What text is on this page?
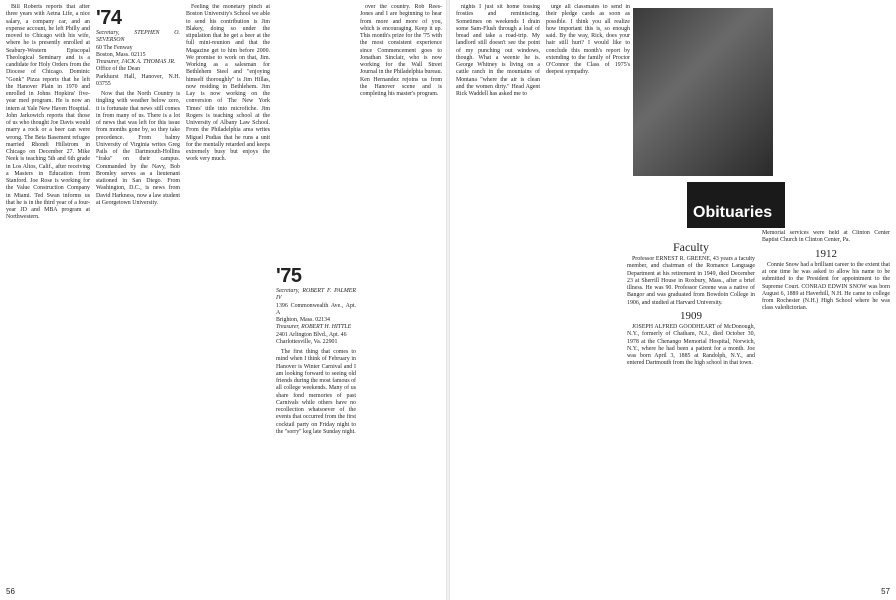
Bill Roberts reports that after three years with Aetna Life, a nice salary, a company car, and an expense account, he left Philly and moved to Chicago with his wife, where he is presently enrolled at Seabury-Western Episcopal Theological Seminary and is a candidate for Holy Orders from the Diocese of Chicago. Dominic "Gonk" Pizza reports that he left the Hanover Plain in 1970 and enrolled in Johns Hopkins' five-year med program. He is now an intern at Yale New Haven Hospital. John Jarkowich reports that those of us who thought Joe Davis would marry a rock or a beer can were wrong. The Beta Basement refugee married Rhondi Hillstrom in Chicago on December 27. Mike Neek is teaching 5th and 6th grade in Los Altos, Calif., after receiving a Masters in Education from Stanford. Joe Rose is working for the Value Construction Company in Miami. Ted Swan informs us that he is in the third year of a four-year JD and MBA program at Northwestern.

'74
Secretary, STEPHEN O. SEVERSON
60 The Fenway
Boston, Mass. 02115
Treasurer, JACK A. THOMAS JR.
Office of the Dean
Parkhurst Hall, Hanover, N.H. 03755

Now that the North Country is tingling with weather below zero, it is fortunate that news still comes in from many of us. There is a lot of news that was left for this issue from months gone by, so they take precedence. From balmy University of Virginia writes Greg Pails of the Dartmouth-Hollins "fraks" on their campus. Commanded by the Navy, Bob Bromley serves as a lieutenant stationed in San Diego. From Washington, D.C., is news from David Harkness, now a law student at Georgetown University.

Feeling the monetary pinch at Boston University's School we able to send his contribution is Jim Blakey, doing so under the stipulation that he get a beer at the full mini-reunion and that the Magazine get to him before 2000. We promise to work on that, Jim. Working as a salesman for Bethlehem Steel and "enjoying himself thoroughly" is Jim Hillas, now residing in Bethlehem. Jim Lay is now working on the conversion of The New York Times' title into microfiche. Jim Rogers is teaching school at the University of Albany Law School. From the Philadelphia area writes Miguel Pudias that he runs a unit for the mentally retarded and keeps extremely busy but enjoys the work very much.

'75
Secretary, ROBERT F. PALMER IV
1396 Commonwealth Ave., Apt. A
Brighton, Mass. 02134
Treasurer, ROBERT H. HITTLE
2401 Arlington Blvd., Apt. 46
Charlottesville, Va. 22901

The first thing that comes to mind when I think of February in Hanover is Winter Carnival and I am looking forward to seeing old friends during the most famous of all college weekends. Many of us share fond memories of past Carnivals while others have no recollection whatsoever of the events that occurred from the first cocktail party on Friday night to the "sorry" keg late Sunday night.

over the country. Rob Rees-Jones and I are beginning to hear from more and more of you, which is encouraging. Keep it up. This month's prize for the '75 with the most consistent experience since Commencement goes to Jonathan Sinclair, who is now working for the Wall Street Journal in the Philadelphia bureau. Ken Hernandez rejoins us from the Hanover scene and is completing his master's program.

56

nights I just sit home tossing frosties and reminiscing. Sometimes on weekends I drain some Sam-Flush through a loaf of bread and take a road-trip. My landlord still doesn't see the point of my punching out windows, though. What a weenie he is. George Whitney is living on a cattle ranch in the mountains of Montana "where the air is clean and the women dirty." Head Agent Rick Waddell has asked me to

urge all classmates to send in their pledge cards as soon as possible. I think you all realize how important this is, so enough said. By the way, Rick, does your hair still hurt? I would like to conclude this month's report by extending to the family of Proctor O'Connor the Class of 1975's deepest sympathy.

Obituaries
Faculty

Professor ERNEST R. GREENE, 43 years a faculty member, and chairman of the Romance Language Department at his retirement in 1949, died December 23 at Sherrill House in Roxbury, Mass., after a brief illness. He was 90. Professor Greene was a native of Bangor and was graduated from Bowdoin College in 1906, and studied at Harvard University.

1909

JOSEPH ALFRED GOODHEART of McDonough, N.Y., formerly of Chatham, N.J., died October 30, 1978 at the Chenango Memorial Hospital, Norwich, N.Y., where he had been a patient for a month. Joe was born April 3, 1885 at Randolph, N.Y., and entered Dartmouth from the high school in that town.

Memorial services were held at Clinton Center Baptist Church in Clinton Center, Pa.
1912

Connie Snow had a brilliant career to the extent that at one time he was asked to allow his name to be submitted to the President for appointment to the Supreme Court. CONRAD EDWIN SNOW was born August 6, 1889 at Haverhill, N.H. He came to college from Rochester (N.H.) High School where he was class valedictorian.

57
